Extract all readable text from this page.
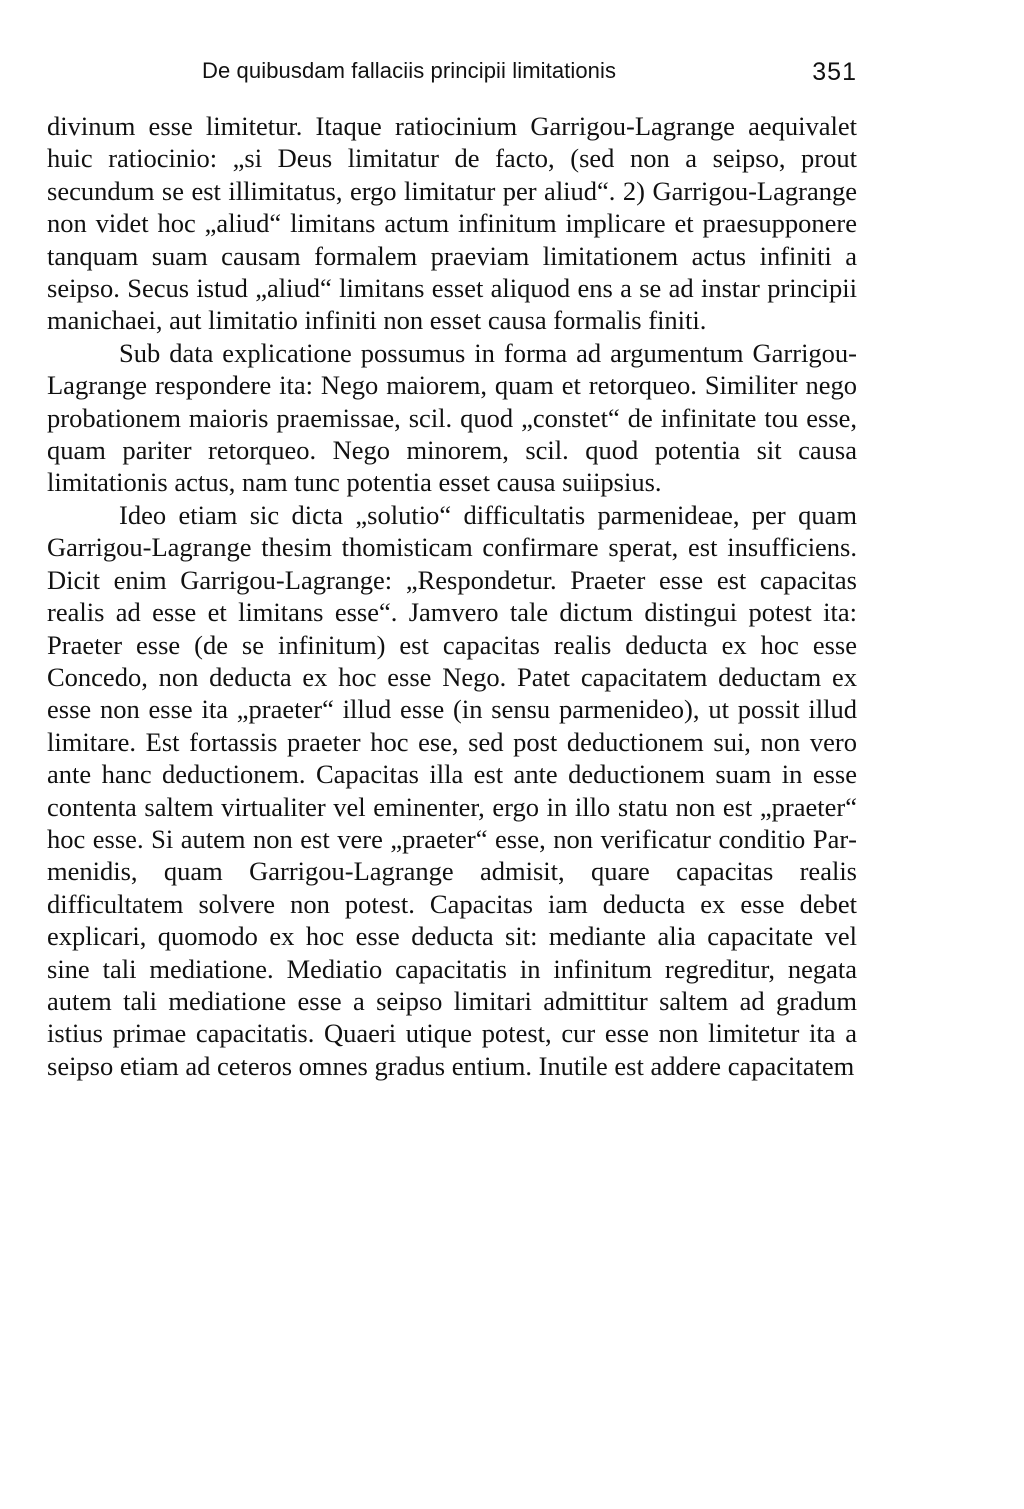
De quibusdam fallaciis principii limitationis	351

divinum esse limitetur. Itaque ratiocinium Garrigou-Lagrange aequivalet huic ratiocinio: „si Deus limitatur de facto, (sed non a seipso, prout secundum se est illimitatus, ergo limitatur per aliud“. 2) Garrigou-Lagrange non videt hoc „aliud“ limitans actum infinitum implicare et praesupponere tanquam suam causam formalem praeviam limitationem actus infiniti a seipso. Secus istud „aliud“ limitans esset aliquod ens a se ad instar principii manichaei, aut limitatio infiniti non esset causa formalis finiti.

Sub data explicatione possumus in forma ad argumentum Garrigou-Lagrange respondere ita: Nego maiorem, quam et retorqueo. Similiter nego probationem maioris praemissae, scil. quod „constet“ de infinitate tou esse, quam pariter retorqueo. Nego minorem, scil. quod potentia sit causa limitationis actus, nam tunc potentia esset causa suiipsius.

Ideo etiam sic dicta „solutio“ difficultatis parmenideae, per quam Garrigou-Lagrange thesim thomisticam confirmare sperat, est insufficiens. Dicit enim Garrigou-Lagrange: „Respondetur. Praeter esse est capacitas realis ad esse et limitans esse“. Jamvero tale dictum distingui potest ita: Praeter esse (de se infinitum) est capacitas realis deducta ex hoc esse Concedo, non deducta ex hoc esse Nego. Patet capacitatem deductam ex esse non esse ita „praeter“ illud esse (in sensu parmenideo), ut possit illud limitare. Est fortassis praeter hoc ese, sed post deductionem sui, non vero ante hanc deductionem. Capacitas illa est ante deductionem suam in esse contenta saltem virtualiter vel eminenter, ergo in illo statu non est „praeter“ hoc esse. Si autem non est vere „praeter“ esse, non verificatur conditio Parmenidis, quam Garrigou-Lagrange admisit, quare capacitas realis difficultatem solvere non potest. Capacitas iam deducta ex esse debet explicari, quomodo ex hoc esse deducta sit: mediante alia capacitate vel sine tali mediatione. Mediatio capacitatis in infinitum regreditur, negata autem tali mediatione esse a seipso limitari admittitur saltem ad gradum istius primae capacitatis. Quaeri utique potest, cur esse non limitetur ita a seipso etiam ad ceteros omnes gradus entium. Inutile est addere capacitatem
